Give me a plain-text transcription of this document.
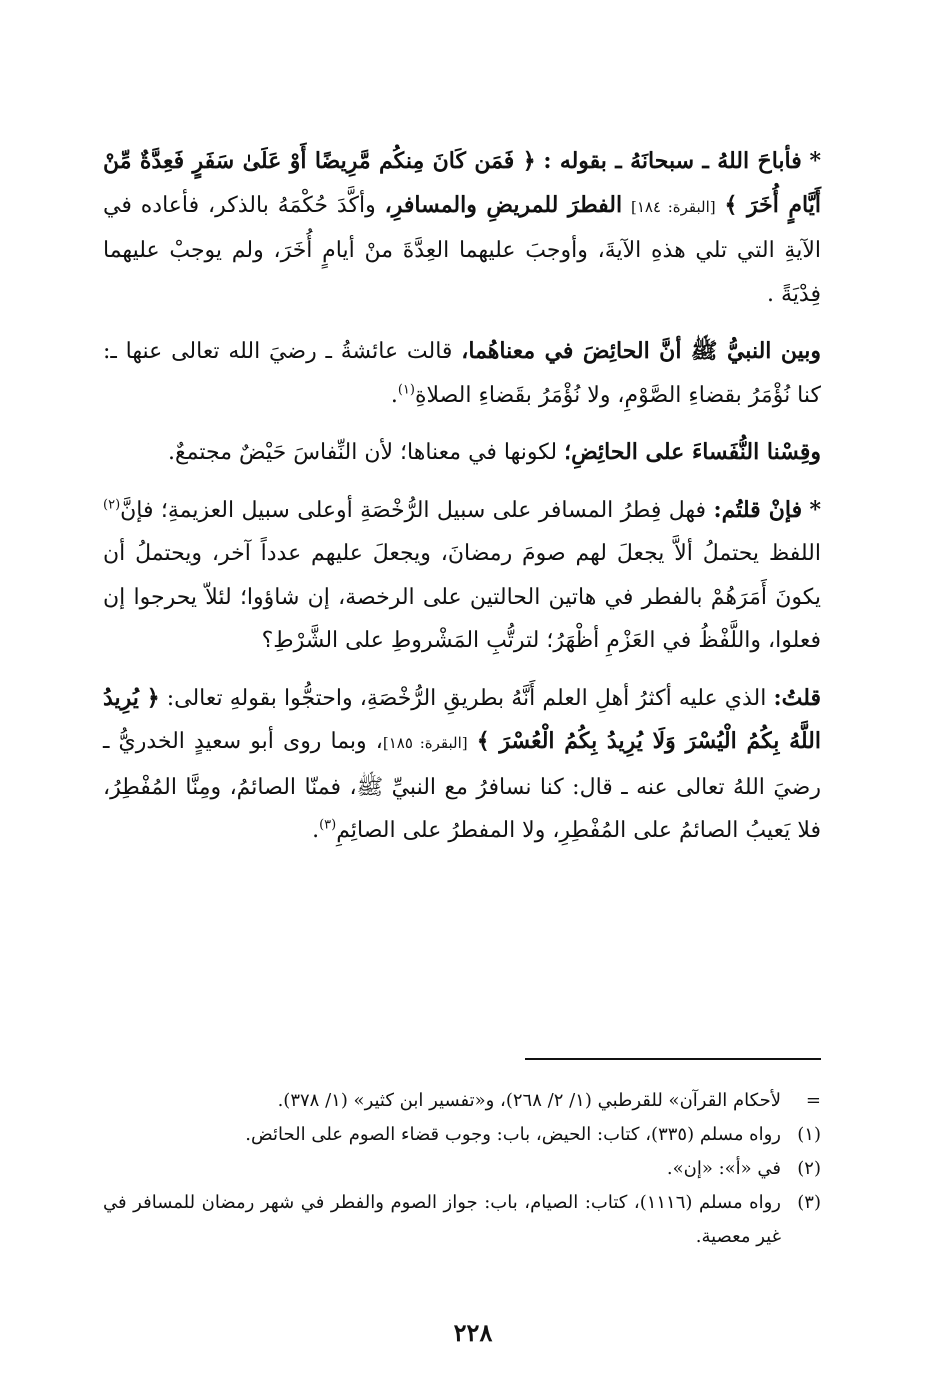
* فأباحَ اللهُ ـ سبحانَهُ ـ بقوله : ﴿ فَمَن كَانَ مِنكُم مَّرِيضًا أَوْ عَلَىٰ سَفَرٍ فَعِدَّةٌ مِّنْ أَيَّامٍ أُخَرَ ﴾ [البقرة: ١٨٤] الفطرَ للمريضِ والمسافرِ، وأكَّدَ حُكْمَهُ بالذكر، فأعاده في الآيةِ التي تلي هذهِ الآيةَ، وأوجبَ عليهما العِدَّةَ منْ أيامٍ أُخَرَ، ولم يوجبْ عليهما فِدْيَةً .

وبين النبيُّ ﷺ أنَّ الحائِضَ في معناهُما، قالت عائشةُ ـ رضيَ الله تعالى عنها ـ: كنا نُؤْمَرُ بقضاءِ الصَّوْمِ، ولا نُؤْمَرُ بقَضاءِ الصلاةِ$^{(١)}$.

وقِسْنا النُّفَساءَ على الحائِضِ؛ لكونها في معناها؛ لأن النِّفاسَ حَيْضٌ مجتمعٌ.

* فإنْ قلتُم: فهل فِطرُ المسافر على سبيل الرُّخْصَةِ أوعلى سبيل العزيمةِ؛ فإنَّ$^{(٢)}$ اللفظ يحتملُ ألاَّ يجعلَ لهم صومَ رمضانَ، ويجعلَ عليهم عدداً آخر، ويحتملُ أن يكونَ أَمَرَهُمْ بالفطر في هاتين الحالتين على الرخصة، إن شاؤوا؛ لئلاّ يحرجوا إن فعلوا، واللَّفْظُ في العَزْمِ أظْهَرُ؛ لترتُّبِ المَشْروطِ على الشَّرْطِ؟

قلتُ: الذي عليه أكثرُ أهلِ العلم أَنَّهُ بطريقِ الرُّخْصَةِ، واحتجُّوا بقولهِ تعالى: ﴿ يُرِيدُ اللَّهُ بِكُمُ الْيُسْرَ وَلَا يُرِيدُ بِكُمُ الْعُسْرَ ﴾ [البقرة: ١٨٥]، وبما روى أبو سعيدٍ الخدريُّ ـ رضيَ اللهُ تعالى عنه ـ قال: كنا نسافرُ مع النبيِّ ﷺ، فمنّا الصائمُ، ومِنَّا المُفْطِرُ، فلا يَعيبُ الصائمُ على المُفْطِرِ، ولا المفطرُ على الصائِمِ$^{(٣)}$.

=
لأحكام القرآن» للقرطبي (١/ ٢/ ٢٦٨)، و«تفسير ابن كثير» (١/ ٣٧٨).
(١)
رواه مسلم (٣٣٥)، كتاب: الحيض، باب: وجوب قضاء الصوم على الحائض.
(٢)
في «أ»: «إن».
(٣)
رواه مسلم (١١١٦)، كتاب: الصيام، باب: جواز الصوم والفطر في شهر رمضان للمسافر في غير معصية.
٢٢٨
